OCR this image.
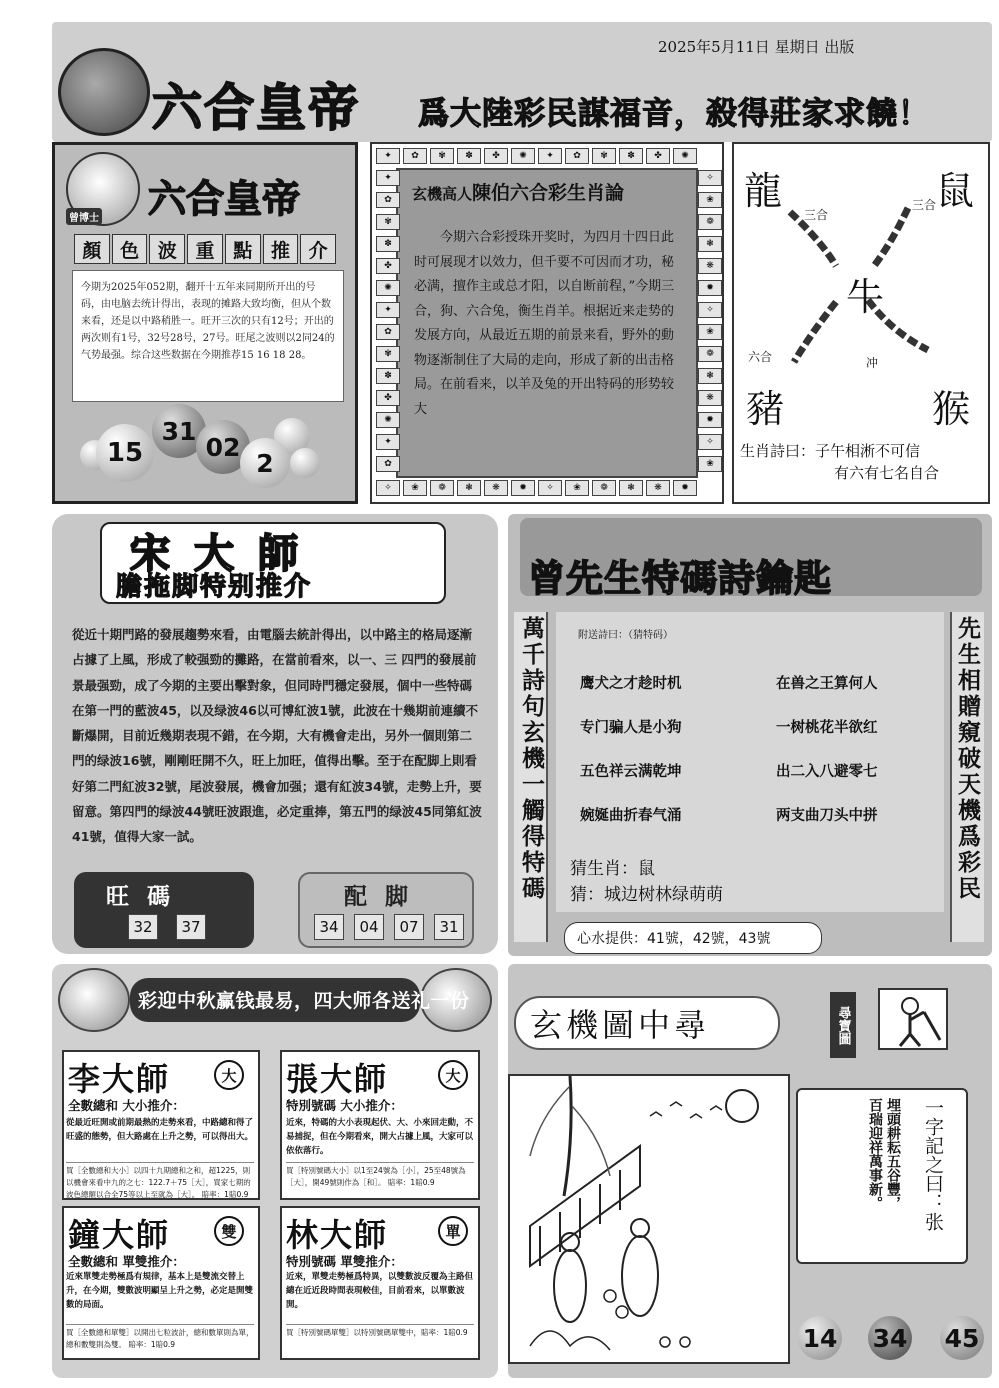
2025年5月11日 星期日 出版
六合皇帝 爲大陸彩民謀福音，殺得莊家求饒！
曾博士 六合皇帝
顏 色 波 重 點 推 介
今期为2025年052期，翻开十五年来同期所开出的号码，由电脑去统计得出，表现的摊路大致均衡，但从个数来看，还是以中路稍胜一。旺开三次的只有12号；开出的两次则有1号，32号28号，27号。旺尾之波则以2同24的气势最强。综合这些数据在今期推荐15 16 18 28。
15
31
02
2
玄機高人陳伯六合彩生肖論
今期六合彩授珠开奖时，为四月十四日此时可展现才以效力，但千要不可因而才功，秘必满，擅作主或总才阳，以自断前程，”今期三合，狗、六合兔，衡生肖羊。根据近来走势的发展方向，从最近五期的前景来看，野外的動物逐渐制住了大局的走向，形成了新的出击格局。在前看来，以羊及兔的开出特码的形势较大
龍	鼠
牛
豬	猴
三合
三合
六合	冲
生肖詩曰：子午相淅不可信
有六有七名自合
宋大師
膽拖脚特别推介
從近十期門路的發展趨勢來看，由電腦去統計得出，以中路主的格局逐漸占據了上風，形成了較强勁的攤路，在當前看來，以一、三 四門的發展前景最强勁，成了今期的主要出擊對象，但同時門穩定發展，個中一些特碼在第一門的藍波45，以及绿波46以可博紅波1號，此波在十幾期前連續不斷爆開，目前近幾期表現不錯，在今期，大有機會走出，另外一個則第二門的绿波16號，剛剛旺開不久，旺上加旺，值得出擊。至于在配脚上則看好第二門紅波32號，尾波發展，機會加强；還有紅波34號，走勢上升，要留意。第四門的绿波44號旺波跟進，必定重捧，第五門的绿波45同第紅波41號，值得大家一試。
旺碼
32	37
配脚
34	04	07	31
曾先生特碼詩鑰匙
萬千詩句玄機一觸得特碼	先生相贈窺破天機爲彩民
附送詩曰：（猜特码）
鹰犬之才趁时机	在兽之王算何人
专门骗人是小狗	一树桃花半欲红
五色祥云满乾坤	出二入八避零七
婉娫曲折春气涌	两支曲刀头中拼
猜生肖：鼠
猜：城边树林绿萌萌
心水提供：41號，42號，43號
彩迎中秋赢钱最易，四大师各送礼一份
李大師	大
全數總和 大小推介：
從最近旺開或前期最熱的走勢來看，中路總和得了旺盛的態勢，但大路處在上升之勢，可以得出大。
買［全數總和大小］以四十九期總和之和，超1225，則以機會來看中九的之七：122.7＋75［大］，買家七期的波色總額以合全75等以上至就為［大］。 賠率：1賠0.9
張大師	大
特別號碼 大小推介：
近來，特碼的大小表現起伏、大、小來回走動，不易捕捉，但在今期看來，開大占據上風，大家可以依依落行。
買［特別號碼大小］以1至24號為［小］，25至48號為［大］，開49號則作為［和］。 賠率：1賠0.9
鐘大師	雙
全數總和 單雙推介：
近來單雙走勢極爲有規律，基本上是雙流交替上升，在今期，雙數波明顯呈上升之勢，必定是開雙數的局面。
買［全數總和單雙］以開出七粒波計，總和數單則為單，總和數雙則為雙。 賠率：1賠0.9
林大師	單
特別號碼 單雙推介：
近來，單雙走勢極爲特異，以雙數波反覆為主路但總在近近段時間表現較佳，目前看來，以單數波開。
買［特別號碼單雙］以特別號碼單雙中，賠率：1賠0.9
玄機圖中尋	尋寶圖
埋頭耕耘五谷豐，百瑞迎祥萬事新。	一字記之曰：张
14 34 45
✦
✧
✿
❀
✾
❁
✽
❃
✤
❋
✺
✹
✦
✧
✿
❀
✾
❁
✽
❃
✤
❋
✺
✹
✦	✧
✿	❀
✾	❁
✽	❃
✤	❋
✺	✹
✦	✧
✿	❀
✾	❁
✽	❃
✤	❋
✺	✹
✦	✧
✿	❀
